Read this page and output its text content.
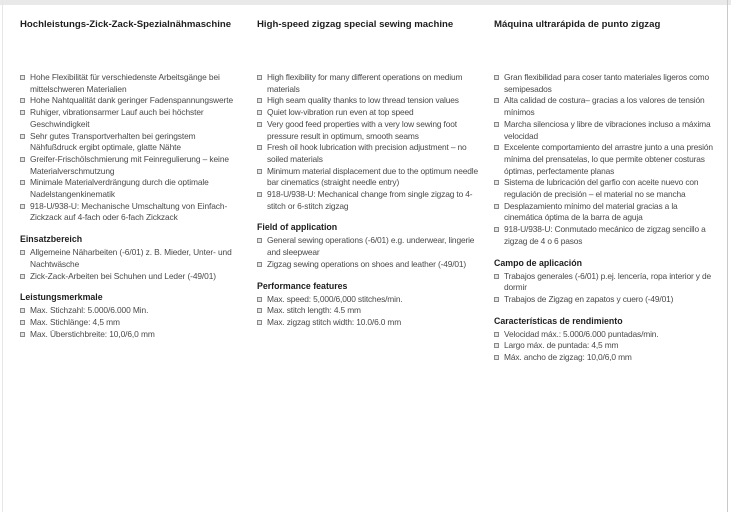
Hochleistungs-Zick-Zack-Spezialnähmaschine
Hohe Flexibilität für verschiedenste Arbeitsgänge bei mittelschweren Materialien
Hohe Nahtqualität dank geringer Fadenspannungswerte
Ruhiger, vibrationsarmer Lauf auch bei höchster Geschwindigkeit
Sehr gutes Transportverhalten bei geringstem Nähfußdruck ergibt optimale, glatte Nähte
Greifer-Frischölschmierung mit Feinregulierung – keine Materialverschmutzung
Minimale Materialverdrängung durch die optimale Nadelstangenkinematik
918-U/938-U: Mechanische Umschaltung von Einfach-Zickzack auf 4-fach oder 6-fach Zickzack
Einsatzbereich
Allgemeine Näharbeiten (-6/01) z. B. Mieder, Unter- und Nachtwäsche
Zick-Zack-Arbeiten bei Schuhen und Leder (-49/01)
Leistungsmerkmale
Max. Stichzahl: 5.000/6.000 Min.
Max. Stichlänge: 4,5 mm
Max. Überstichbreite: 10,0/6,0 mm
High-speed zigzag special sewing machine
High flexibility for many different operations on medium materials
High seam quality thanks to low thread tension values
Quiet low-vibration run even at top speed
Very good feed properties with a very low sewing foot pressure result in optimum, smooth seams
Fresh oil hook lubrication with precision adjustment – no soiled materials
Minimum material displacement due to the optimum needle bar cinematics (straight needle entry)
918-U/938-U: Mechanical change from single zigzag to 4-stitch or 6-stitch zigzag
Field of application
General sewing operations (-6/01) e.g. underwear, lingerie and sleepwear
Zigzag sewing operations on shoes and leather (-49/01)
Performance features
Max. speed: 5,000/6,000 stitches/min.
Max. stitch length: 4.5 mm
Max. zigzag stitch width: 10.0/6.0 mm
Máquina ultrarápida de punto zigzag
Gran flexibilidad para coser tanto materiales ligeros como semipesados
Alta calidad de costura– gracias a los valores de tensión mínimos
Marcha silenciosa y libre de vibraciones incluso a máxima velocidad
Excelente comportamiento del arrastre junto a una presión mínima del prensatelas, lo que permite obtener costuras óptimas, perfectamente planas
Sistema de lubricación del garfio con aceite nuevo con regulación de precisión – el material no se mancha
Desplazamiento mínimo del material gracias a la cinemática óptima de la barra de aguja
918-U/938-U: Conmutado mecánico de zigzag sencillo a zigzag de 4 o 6 pasos
Campo de aplicación
Trabajos generales (-6/01) p.ej. lencería, ropa interior y de dormir
Trabajos de Zigzag en zapatos y cuero (-49/01)
Características de rendimiento
Velocidad máx.: 5.000/6.000 puntadas/min.
Largo máx. de puntada: 4,5 mm
Máx. ancho de zigzag: 10,0/6,0 mm
